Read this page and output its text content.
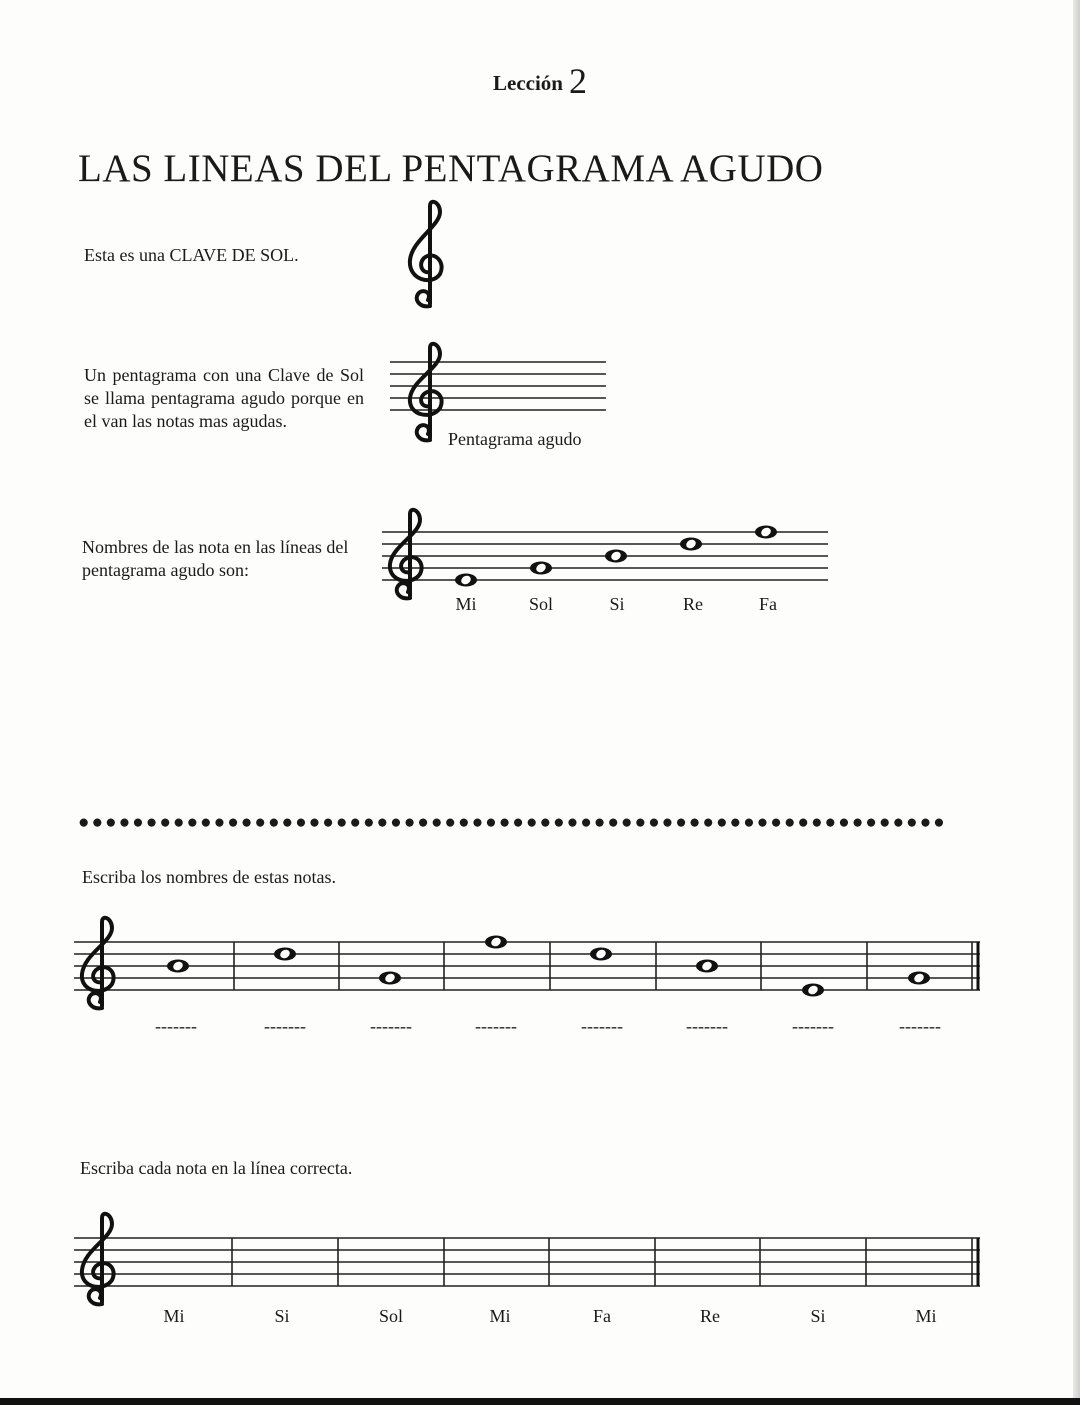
Lección 2
LAS LINEAS DEL PENTAGRAMA AGUDO
Esta es una CLAVE DE SOL.
Un pentagrama con una Clave de Sol se llama pentagrama agudo porque en el van las notas mas agudas.
Pentagrama agudo
Nombres de las nota en las líneas del pentagrama agudo son:
Mi	Sol	Si	Re	Fa
●●●●●●●●●●●●●●●●●●●●●●●●●●●●●●●●●●●●●●●●●●●●●●●●●●●●●●●●●●●●●●●●
Escriba los nombres de estas notas.
-------	-------	-------	-------	-------	-------	-------	-------
Escriba cada nota en la línea correcta.
Mi	Si	Sol	Mi	Fa	Re	Si	Mi
